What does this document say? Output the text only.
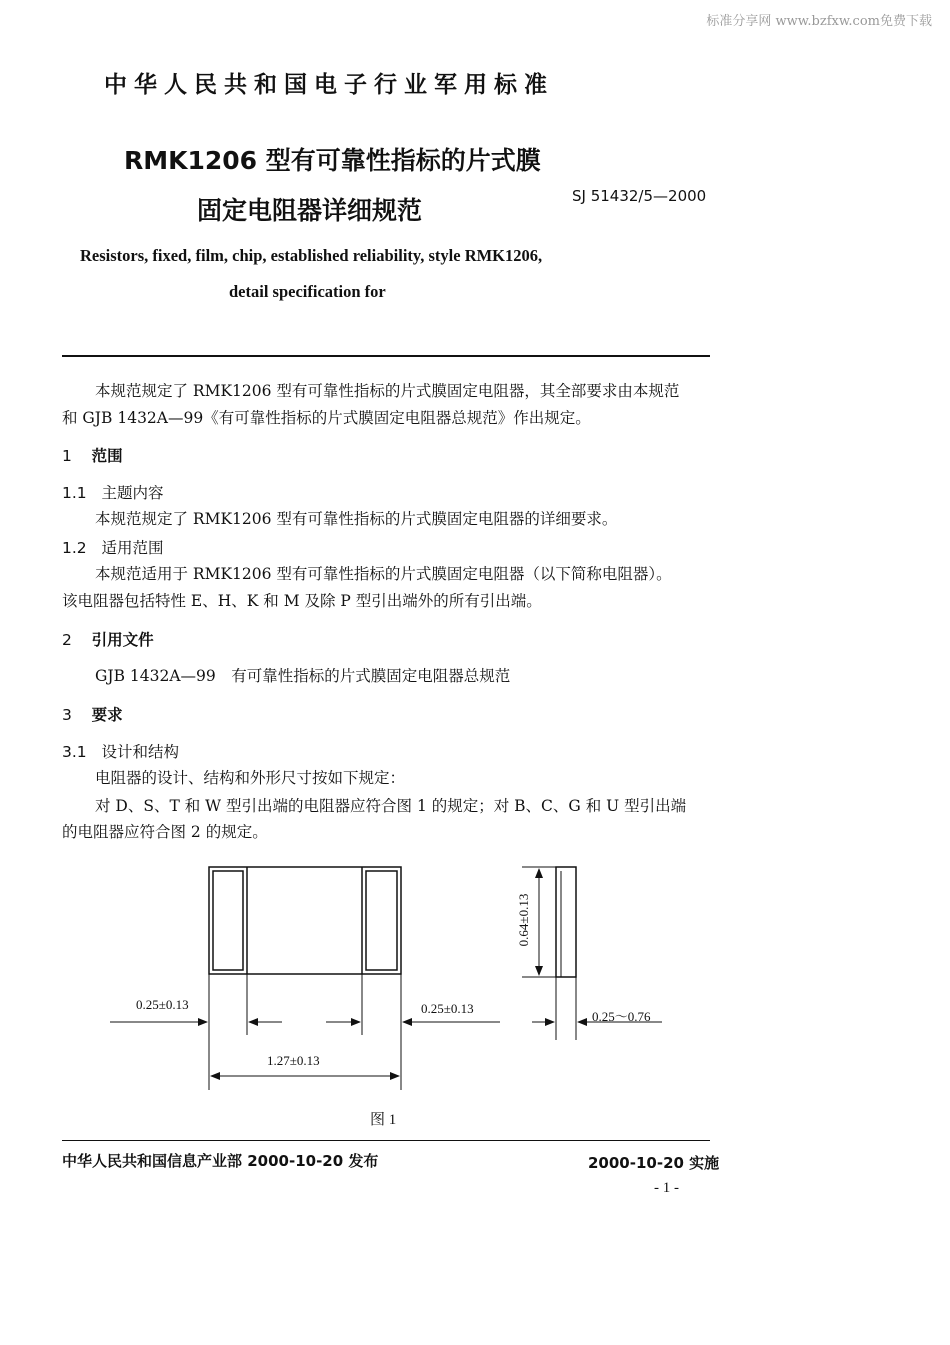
标准分享网 www.bzfxw.com免费下载
中华人民共和国电子行业军用标准
RMK1206 型有可靠性指标的片式膜
固定电阻器详细规范	SJ 51432/5—2000
Resistors, fixed, film, chip, established reliability, style RMK1206,
detail specification for
本规范规定了 RMK1206 型有可靠性指标的片式膜固定电阻器，其全部要求由本规范
和 GJB 1432A—99《有可靠性指标的片式膜固定电阻器总规范》作出规定。
1 范围
1.1 主题内容
本规范规定了 RMK1206 型有可靠性指标的片式膜固定电阻器的详细要求。
1.2 适用范围
本规范适用于 RMK1206 型有可靠性指标的片式膜固定电阻器（以下简称电阻器）。
该电阻器包括特性 E、H、K 和 M 及除 P 型引出端外的所有引出端。
2 引用文件
GJB 1432A—99　有可靠性指标的片式膜固定电阻器总规范
3 要求
3.1 设计和结构
电阻器的设计、结构和外形尺寸按如下规定：
对 D、S、T 和 W 型引出端的电阻器应符合图 1 的规定；对 B、C、G 和 U 型引出端
的电阻器应符合图 2 的规定。
0.25±0.13	0.25±0.13
1.27±0.13
0.64±0.13
0.25～0.76
图 1
中华人民共和国信息产业部 2000-10-20 发布	2000-10-20 实施
- 1 -
